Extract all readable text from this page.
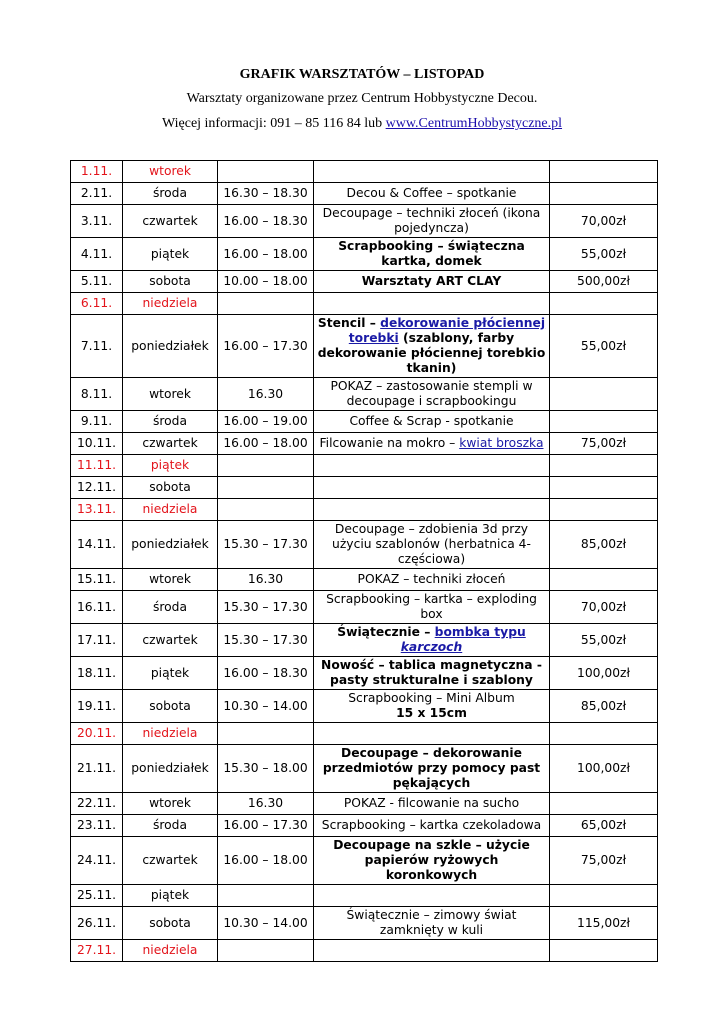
GRAFIK WARSZTATÓW – LISTOPAD
Warsztaty organizowane przez Centrum Hobbystyczne Decou.
Więcej informacji: 091 – 85 116 84 lub www.CentrumHobbystyczne.pl
1.11.	wtorek			
2.11.	środa	16.30 – 18.30	Decou & Coffee – spotkanie	
3.11.	czwartek	16.00 – 18.30	Decoupage – techniki złoceń (ikona pojedyncza)	70,00zł
4.11.	piątek	16.00 – 18.00	Scrapbooking – świąteczna kartka, domek	55,00zł
5.11.	sobota	10.00 – 18.00	Warsztaty ART CLAY	500,00zł
6.11.	niedziela			
7.11.	poniedziałek	16.00 – 17.30	Stencil – dekorowanie płóciennej torebki (szablony, farby dekorowanie płóciennej torebkio tkanin)	55,00zł
8.11.	wtorek	16.30	POKAZ – zastosowanie stempli w decoupage i scrapbookingu	
9.11.	środa	16.00 – 19.00	Coffee & Scrap - spotkanie	
10.11.	czwartek	16.00 – 18.00	Filcowanie na mokro – kwiat broszka	75,00zł
11.11.	piątek			
12.11.	sobota			
13.11.	niedziela			
14.11.	poniedziałek	15.30 – 17.30	Decoupage – zdobienia 3d przy użyciu szablonów (herbatnica 4-częściowa)	85,00zł
15.11.	wtorek	16.30	POKAZ – techniki złoceń	
16.11.	środa	15.30 – 17.30	Scrapbooking – kartka – exploding box	70,00zł
17.11.	czwartek	15.30 – 17.30	Świątecznie – bombka typu karczoch	55,00zł
18.11.	piątek	16.00 – 18.30	Nowość – tablica magnetyczna - pasty strukturalne i szablony	100,00zł
19.11.	sobota	10.30 – 14.00	Scrapbooking – Mini Album
15 x 15cm	85,00zł
20.11.	niedziela			
21.11.	poniedziałek	15.30 – 18.00	Decoupage – dekorowanie przedmiotów przy pomocy past pękających	100,00zł
22.11.	wtorek	16.30	POKAZ - filcowanie na sucho	
23.11.	środa	16.00 – 17.30	Scrapbooking – kartka czekoladowa	65,00zł
24.11.	czwartek	16.00 – 18.00	Decoupage na szkle – użycie papierów ryżowych koronkowych	75,00zł
25.11.	piątek			
26.11.	sobota	10.30 – 14.00	Świątecznie – zimowy świat zamknięty w kuli	115,00zł
27.11.	niedziela			
